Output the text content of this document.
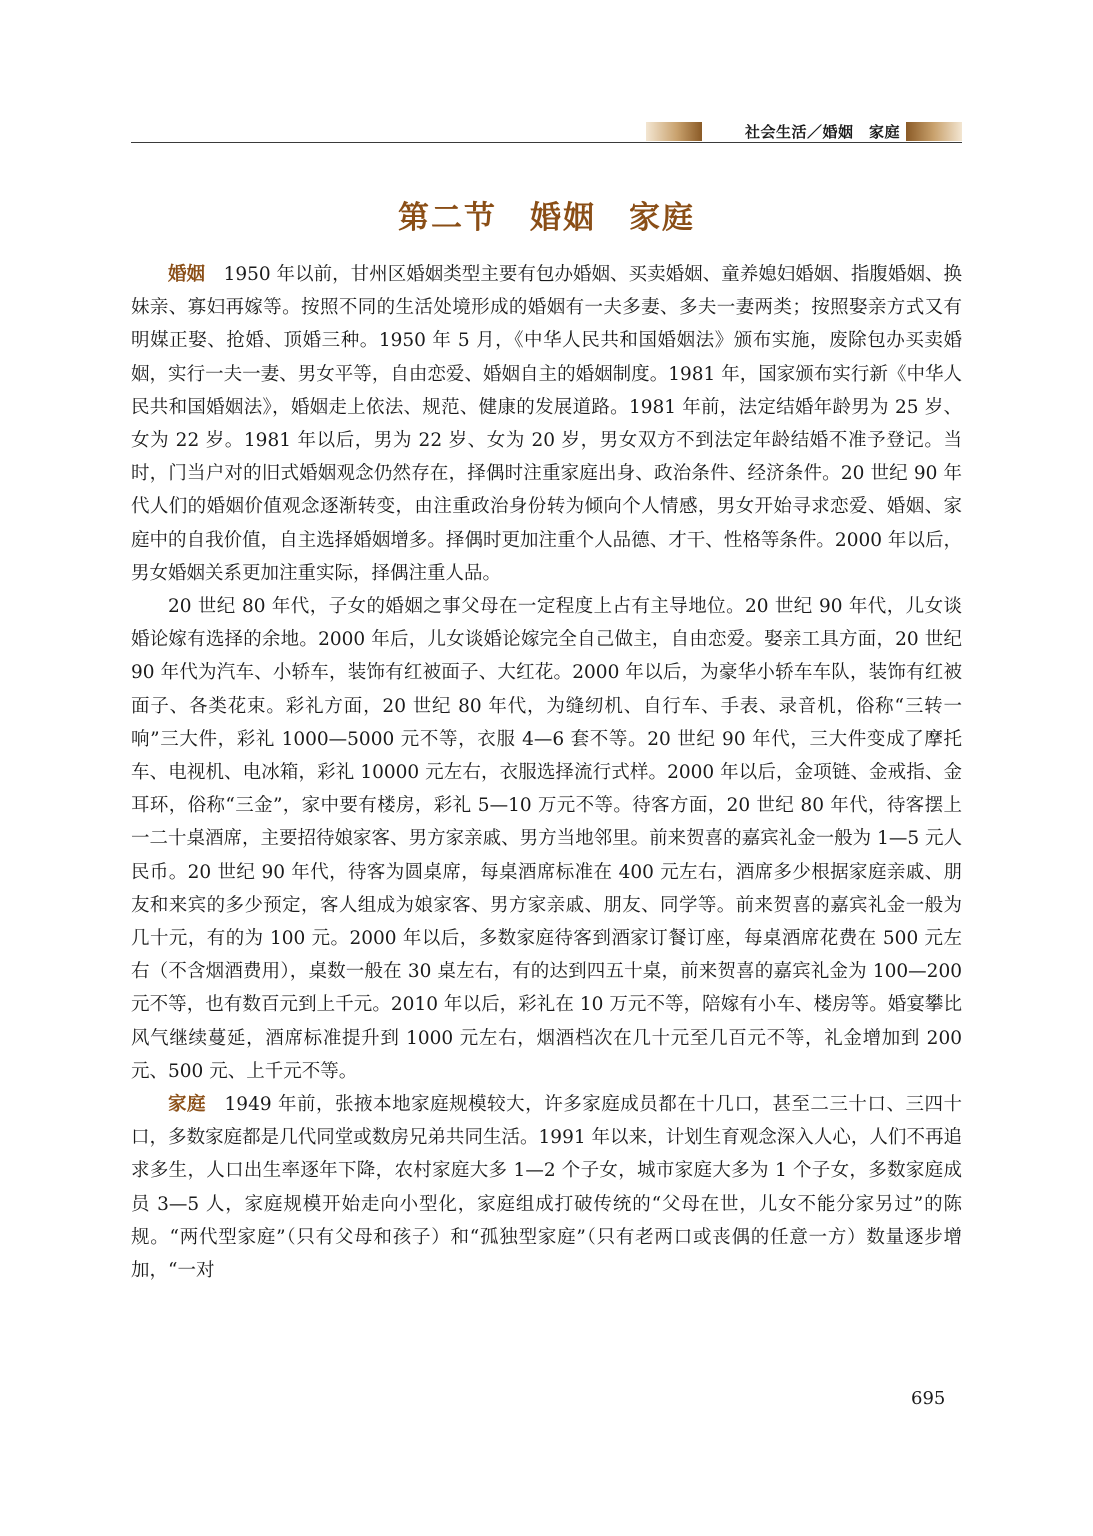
社会生活／婚姻　家庭
第二节　婚姻　家庭

婚姻  1950 年以前，甘州区婚姻类型主要有包办婚姻、买卖婚姻、童养媳妇婚姻、指腹婚姻、换妹亲、寡妇再嫁等。按照不同的生活处境形成的婚姻有一夫多妻、多夫一妻两类；按照娶亲方式又有明媒正娶、抢婚、顶婚三种。1950 年 5 月，《中华人民共和国婚姻法》颁布实施，废除包办买卖婚姻，实行一夫一妻、男女平等，自由恋爱、婚姻自主的婚姻制度。1981 年，国家颁布实行新《中华人民共和国婚姻法》，婚姻走上依法、规范、健康的发展道路。1981 年前，法定结婚年龄男为 25 岁、女为 22 岁。1981 年以后，男为 22 岁、女为 20 岁，男女双方不到法定年龄结婚不准予登记。当时，门当户对的旧式婚姻观念仍然存在，择偶时注重家庭出身、政治条件、经济条件。20 世纪 90 年代人们的婚姻价值观念逐渐转变，由注重政治身份转为倾向个人情感，男女开始寻求恋爱、婚姻、家庭中的自我价值，自主选择婚姻增多。择偶时更加注重个人品德、才干、性格等条件。2000 年以后，男女婚姻关系更加注重实际，择偶注重人品。

20 世纪 80 年代，子女的婚姻之事父母在一定程度上占有主导地位。20 世纪 90 年代，儿女谈婚论嫁有选择的余地。2000 年后，儿女谈婚论嫁完全自己做主，自由恋爱。娶亲工具方面，20 世纪 90 年代为汽车、小轿车，装饰有红被面子、大红花。2000 年以后，为豪华小轿车车队，装饰有红被面子、各类花束。彩礼方面，20 世纪 80 年代，为缝纫机、自行车、手表、录音机，俗称“三转一响”三大件，彩礼 1000—5000 元不等，衣服 4—6 套不等。20 世纪 90 年代，三大件变成了摩托车、电视机、电冰箱，彩礼 10000 元左右，衣服选择流行式样。2000 年以后，金项链、金戒指、金耳环，俗称“三金”，家中要有楼房，彩礼 5—10 万元不等。待客方面，20 世纪 80 年代，待客摆上一二十桌酒席，主要招待娘家客、男方家亲戚、男方当地邻里。前来贺喜的嘉宾礼金一般为 1—5 元人民币。20 世纪 90 年代，待客为圆桌席，每桌酒席标准在 400 元左右，酒席多少根据家庭亲戚、朋友和来宾的多少预定，客人组成为娘家客、男方家亲戚、朋友、同学等。前来贺喜的嘉宾礼金一般为几十元，有的为 100 元。2000 年以后，多数家庭待客到酒家订餐订座，每桌酒席花费在 500 元左右（不含烟酒费用），桌数一般在 30 桌左右，有的达到四五十桌，前来贺喜的嘉宾礼金为 100—200 元不等，也有数百元到上千元。2010 年以后，彩礼在 10 万元不等，陪嫁有小车、楼房等。婚宴攀比风气继续蔓延，酒席标准提升到 1000 元左右，烟酒档次在几十元至几百元不等，礼金增加到 200 元、500 元、上千元不等。

家庭  1949 年前，张掖本地家庭规模较大，许多家庭成员都在十几口，甚至二三十口、三四十口，多数家庭都是几代同堂或数房兄弟共同生活。1991 年以来，计划生育观念深入人心，人们不再追求多生，人口出生率逐年下降，农村家庭大多 1—2 个子女，城市家庭大多为 1 个子女，多数家庭成员 3—5 人，家庭规模开始走向小型化，家庭组成打破传统的“父母在世，儿女不能分家另过”的陈规。“两代型家庭”（只有父母和孩子）和“孤独型家庭”（只有老两口或丧偶的任意一方）数量逐步增加，“一对

695
